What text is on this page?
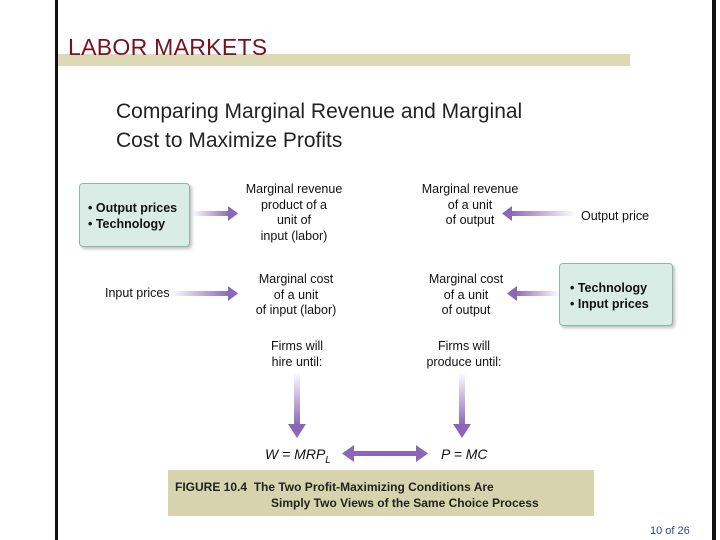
LABOR MARKETS
Comparing Marginal Revenue and Marginal
Cost to Maximize Profits
• Output prices
• Technology
• Technology
• Input prices
Marginal revenue
product of a
unit of
input (labor)
Marginal revenue
of a unit
of output	Output price
Input prices
Marginal cost
of a unit
of input (labor)
Marginal cost
of a unit
of output
Firms will
hire until:
Firms will
produce until:
$W = MRP_L$	P = MC
FIGURE 10.4 The Two Profit-Maximizing Conditions Are
Simply Two Views of the Same Choice Process
10 of 26
